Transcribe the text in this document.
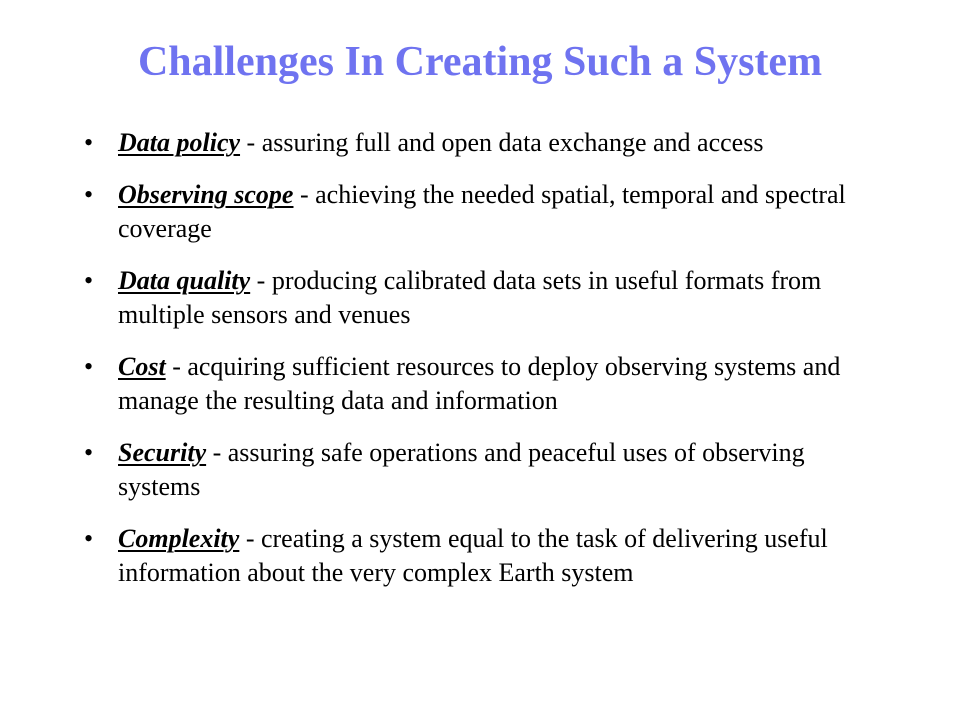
Challenges In Creating Such a System
• Data policy - assuring full and open data exchange and access
• Observing scope - achieving the needed spatial, temporal and spectral coverage
• Data quality - producing calibrated data sets in useful formats from multiple sensors and venues
• Cost - acquiring sufficient resources to deploy observing systems and manage the resulting data and information
• Security - assuring safe operations and peaceful uses of observing systems
• Complexity - creating a system equal to the task of delivering useful information about the very complex Earth system
